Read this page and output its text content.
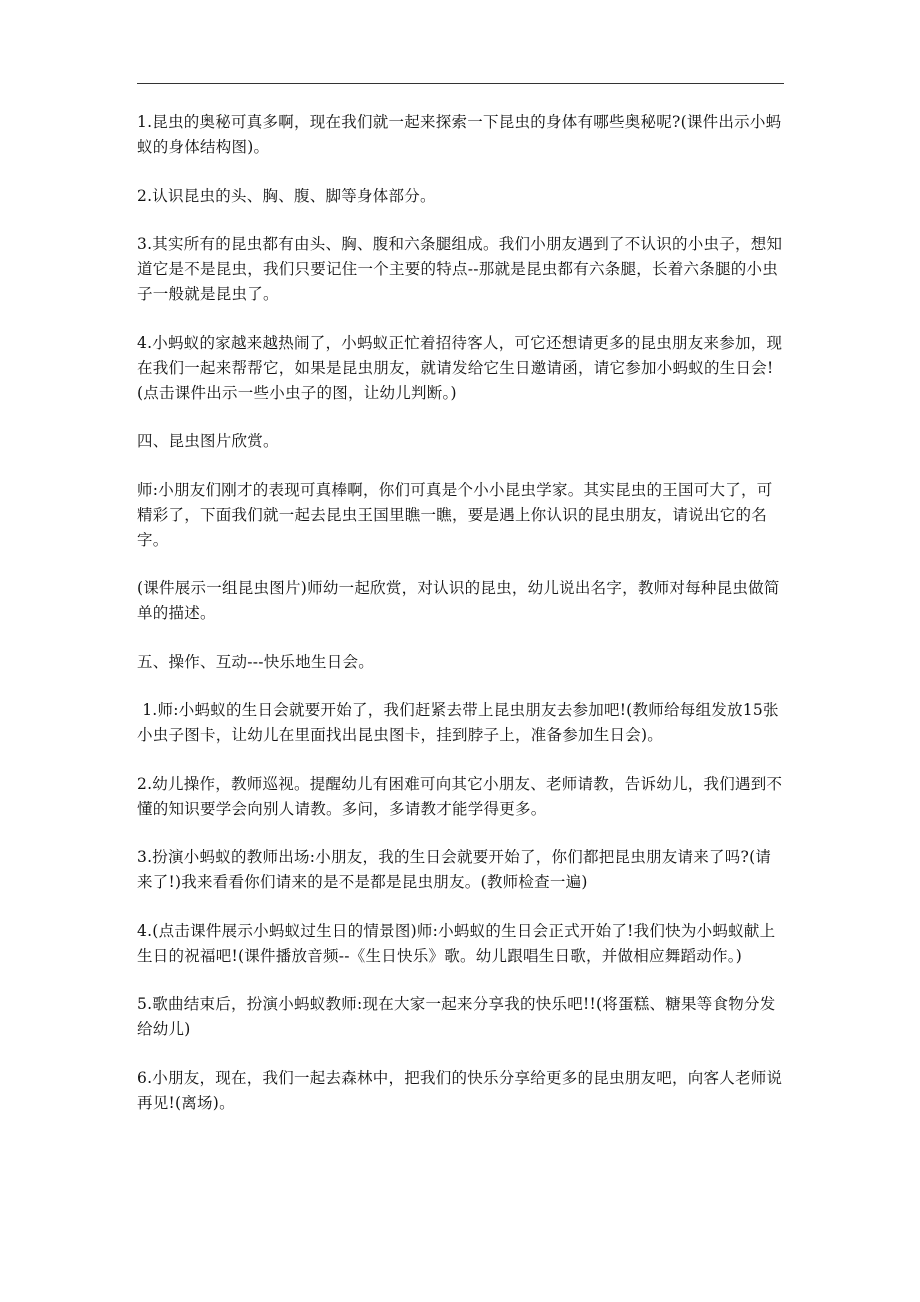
1.昆虫的奥秘可真多啊，现在我们就一起来探索一下昆虫的身体有哪些奥秘呢?(课件出示小蚂蚁的身体结构图)。

2.认识昆虫的头、胸、腹、脚等身体部分。

3.其实所有的昆虫都有由头、胸、腹和六条腿组成。我们小朋友遇到了不认识的小虫子，想知道它是不是昆虫，我们只要记住一个主要的特点--那就是昆虫都有六条腿，长着六条腿的小虫子一般就是昆虫了。

4.小蚂蚁的家越来越热闹了，小蚂蚁正忙着招待客人，可它还想请更多的昆虫朋友来参加，现在我们一起来帮帮它，如果是昆虫朋友，就请发给它生日邀请函，请它参加小蚂蚁的生日会!(点击课件出示一些小虫子的图，让幼儿判断。)

四、昆虫图片欣赏。

师:小朋友们刚才的表现可真棒啊，你们可真是个小小昆虫学家。其实昆虫的王国可大了，可精彩了，下面我们就一起去昆虫王国里瞧一瞧，要是遇上你认识的昆虫朋友，请说出它的名字。

(课件展示一组昆虫图片)师幼一起欣赏，对认识的昆虫，幼儿说出名字，教师对每种昆虫做简单的描述。

五、操作、互动---快乐地生日会。

1.师:小蚂蚁的生日会就要开始了，我们赶紧去带上昆虫朋友去参加吧!(教师给每组发放15张小虫子图卡，让幼儿在里面找出昆虫图卡，挂到脖子上，准备参加生日会)。

2.幼儿操作，教师巡视。提醒幼儿有困难可向其它小朋友、老师请教，告诉幼儿，我们遇到不懂的知识要学会向别人请教。多问，多请教才能学得更多。

3.扮演小蚂蚁的教师出场:小朋友，我的生日会就要开始了，你们都把昆虫朋友请来了吗?(请来了!)我来看看你们请来的是不是都是昆虫朋友。(教师检查一遍)

4.(点击课件展示小蚂蚁过生日的情景图)师:小蚂蚁的生日会正式开始了!我们快为小蚂蚁献上生日的祝福吧!(课件播放音频--《生日快乐》歌。幼儿跟唱生日歌，并做相应舞蹈动作。)

5.歌曲结束后，扮演小蚂蚁教师:现在大家一起来分享我的快乐吧!!(将蛋糕、糖果等食物分发给幼儿)

6.小朋友，现在，我们一起去森林中，把我们的快乐分享给更多的昆虫朋友吧，向客人老师说再见!(离场)。
